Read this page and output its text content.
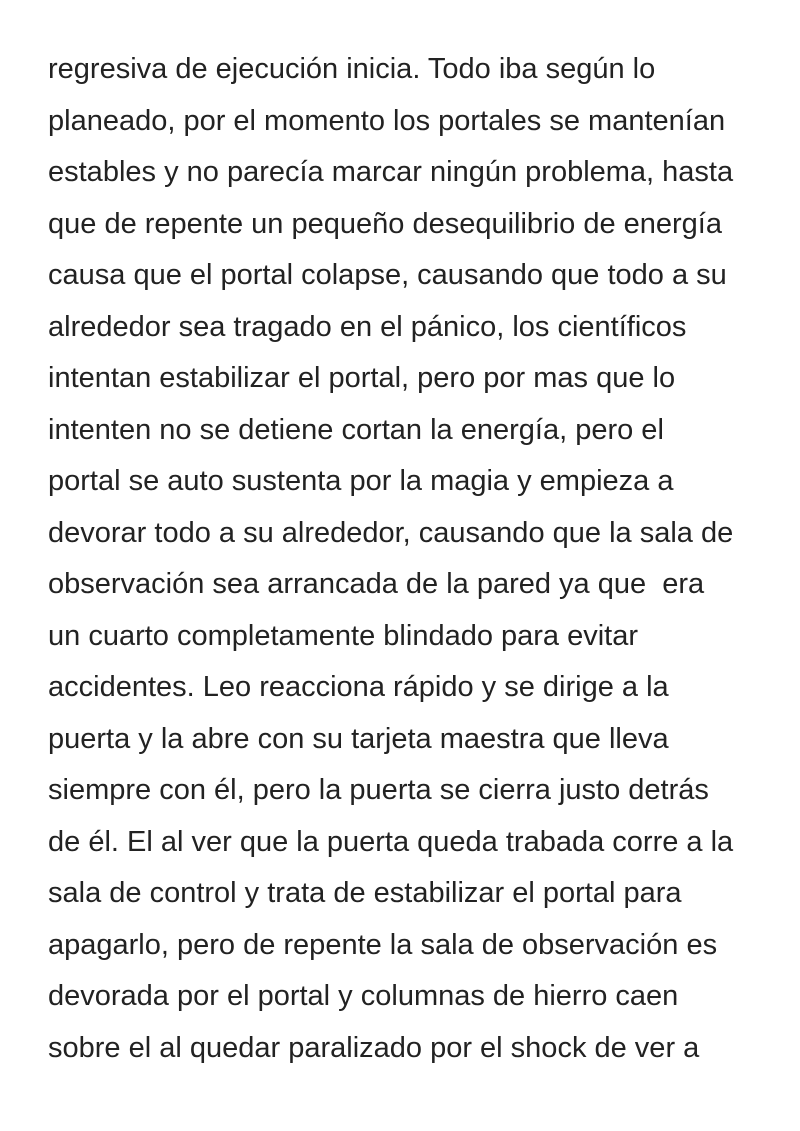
regresiva de ejecución inicia. Todo iba según lo
planeado, por el momento los portales se mantenían
estables y no parecía marcar ningún problema, hasta
que de repente un pequeño desequilibrio de energía
causa que el portal colapse, causando que todo a su
alrededor sea tragado en el pánico, los científicos
intentan estabilizar el portal, pero por mas que lo
intenten no se detiene cortan la energía, pero el
portal se auto sustenta por la magia y empieza a
devorar todo a su alrededor, causando que la sala de
observación sea arrancada de la pared ya que  era
un cuarto completamente blindado para evitar
accidentes. Leo reacciona rápido y se dirige a la
puerta y la abre con su tarjeta maestra que lleva
siempre con él, pero la puerta se cierra justo detrás
de él. El al ver que la puerta queda trabada corre a la
sala de control y trata de estabilizar el portal para
apagarlo, pero de repente la sala de observación es
devorada por el portal y columnas de hierro caen
sobre el al quedar paralizado por el shock de ver a
